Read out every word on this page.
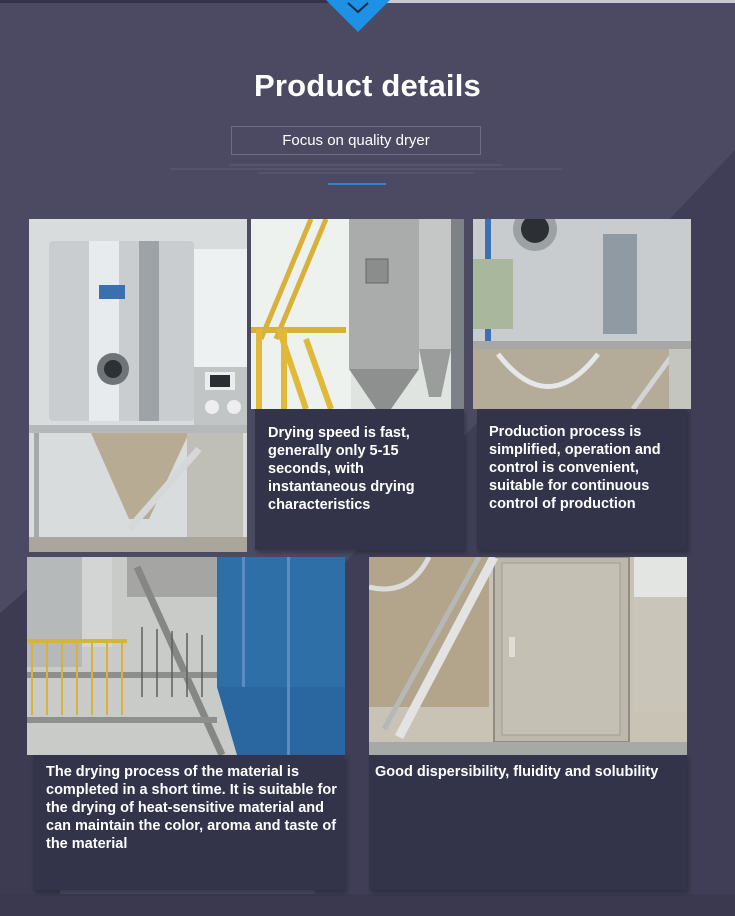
Product details
Focus on quality dryer

Drying speed is fast, generally only 5-15 seconds, with instantaneous drying characteristics

Production process is simplified, operation and control is convenient, suitable for continuous control of production

The drying process of the material is completed in a short time. It is suitable for the drying of heat-sensitive material and can maintain the color, aroma and taste of the material

Good dispersibility, fluidity and solubility
